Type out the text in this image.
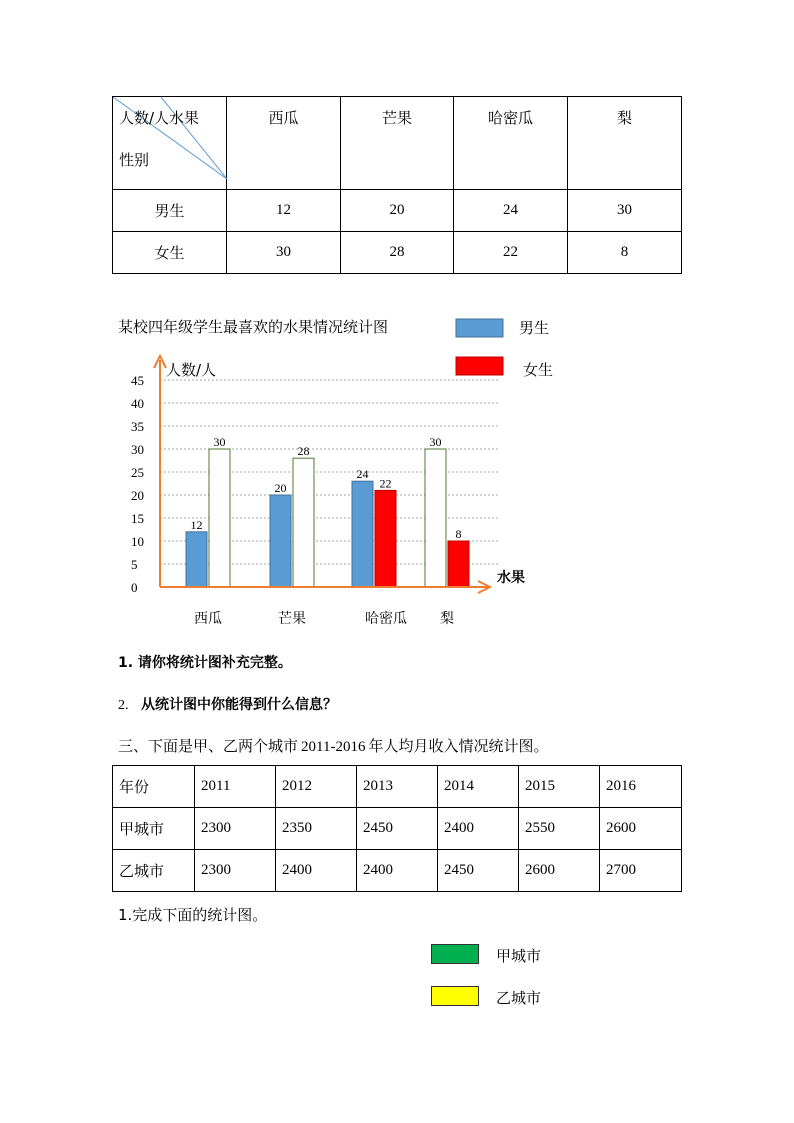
人数/人水果
性别	西瓜	芒果	哈密瓜	梨
男生	12	20	24	30
女生	30	28	22	8
某校四年级学生最喜欢的水果情况统计图	男生
女生
人数/人
水果
0
5
10
15
20
25
30
35
40
45
12
20
24
30
30
28
22
8
西瓜	芒果	哈密瓜 梨
1. 请你将统计图补充完整。
2. 从统计图中你能得到什么信息？
三、下面是甲、乙两个城市 2011-2016 年人均月收入情况统计图。
年份	2011	2012	2013	2014	2015	2016
甲城市	2300	2350	2450	2400	2550	2600
乙城市	2300	2400	2400	2450	2600	2700
1.完成下面的统计图。
甲城市
乙城市
